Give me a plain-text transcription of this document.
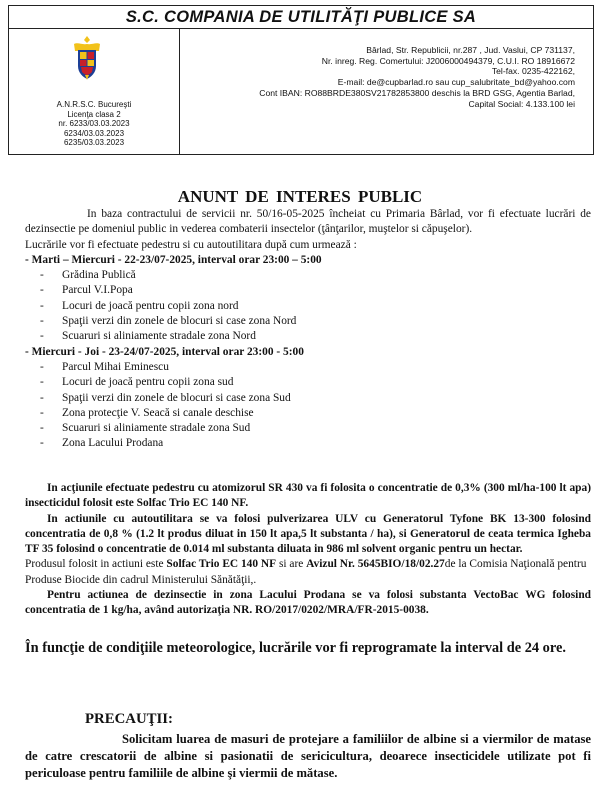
S.C. COMPANIA DE UTILITĂŢI PUBLICE SA
A.N.R.S.C. Bucureşti
Licenţa clasa 2
nr. 6233/03.03.2023
6234/03.03.2023
6235/03.03.2023
Bârlad, Str. Republicii, nr.287 , Jud. Vaslui, CP 731137,
Nr. inreg. Reg. Comertului: J2006000494379, C.U.I. RO 18916672
Tel-fax. 0235-422162,
E-mail: de@cupbarlad.ro sau cup_salubritate_bd@yahoo.com
Cont IBAN: RO88BRDE380SV21782853800 deschis la BRD GSG, Agentia Barlad,
Capital Social: 4.133.100 lei
ANUNT DE INTERES PUBLIC

In baza contractului de servicii nr. 50/16-05-2025 încheiat cu Primaria Bârlad, vor fi efectuate lucrări de dezinsectie pe domeniul public in vederea combaterii insectelor (ţânţarilor, muştelor si căpuşelor).

Lucrările vor fi efectuate pedestru si cu autoutilitara după cum urmează :
- Marti – Miercuri - 22-23/07-2025, interval orar 23:00 – 5:00
- Grădina Publică
- Parcul V.I.Popa
- Locuri de joacă pentru copii zona nord
- Spaţii verzi din zonele de blocuri si case zona Nord
- Scuaruri si aliniamente stradale zona Nord
- Miercuri - Joi - 23-24/07-2025, interval orar 23:00 - 5:00
- Parcul Mihai Eminescu
- Locuri de joacă pentru copii zona sud
- Spaţii verzi din zonele de blocuri si case zona Sud
- Zona protecţie V. Seacă si canale deschise
- Scuaruri si aliniamente stradale zona Sud
- Zona Lacului Prodana

In acţiunile efectuate pedestru cu atomizorul SR 430 va fi folosita o concentratie de 0,3% (300 ml/ha-100 lt apa) insecticidul folosit este Solfac Trio EC 140 NF.

In actiunile cu autoutilitara se va folosi pulverizarea ULV cu Generatorul Tyfone BK 13-300 folosind concentratia de 0,8 % (1.2 lt produs diluat in 150 lt apa,5 lt substanta / ha), si Generatorul de ceata termica Igheba TF 35 folosind o concentratie de 0.014 ml substanta diluata in 986 ml solvent organic pentru un hectar.

Produsul folosit in actiuni este Solfac Trio EC 140 NF si are Avizul Nr. 5645BIO/18/02.27de la Comisia Naţională pentru Produse Biocide din cadrul Ministerului Sănătăţii,.

Pentru actiunea de dezinsectie in zona Lacului Prodana se va folosi substanta VectoBac WG folosind concentratia de 1 kg/ha, având autorizaţia NR. RO/2017/0202/MRA/FR-2015-0038.

În funcţie de condiţiile meteorologice, lucrările vor fi reprogramate la interval de 24 ore.

PRECAUŢII:

Solicitam luarea de masuri de protejare a familiilor de albine si a viermilor de matase de catre crescatorii de albine si pasionatii de sericicultura, deoarece insecticidele utilizate pot fi periculoase pentru familiile de albine şi viermii de mătase.
